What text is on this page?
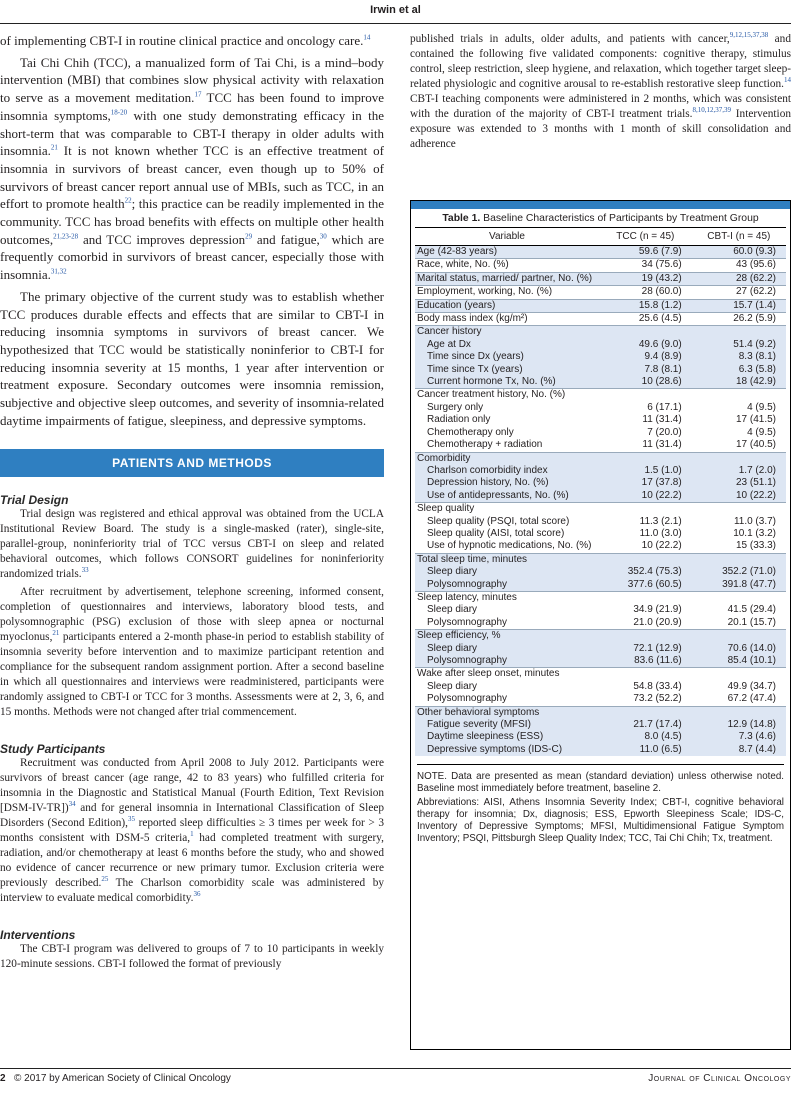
Irwin et al

of implementing CBT-I in routine clinical practice and oncology care.$^{14}$

Tai Chi Chih (TCC), a manualized form of Tai Chi, is a mind–body intervention (MBI) that combines slow physical activity with relaxation to serve as a movement meditation.$^{17}$ TCC has been found to improve insomnia symptoms,$^{18-20}$ with one study demonstrating efficacy in the short-term that was comparable to CBT-I therapy in older adults with insomnia.$^{21}$ It is not known whether TCC is an effective treatment of insomnia in survivors of breast cancer, even though up to 50% of survivors of breast cancer report annual use of MBIs, such as TCC, in an effort to promote health$^{22}$; this practice can be readily implemented in the community. TCC has broad benefits with effects on multiple other health outcomes,$^{21,23-28}$ and TCC improves depression$^{29}$ and fatigue,$^{30}$ which are frequently comorbid in survivors of breast cancer, especially those with insomnia.$^{31,32}$

The primary objective of the current study was to establish whether TCC produces durable effects and effects that are similar to CBT-I in reducing insomnia symptoms in survivors of breast cancer. We hypothesized that TCC would be statistically noninferior to CBT-I for reducing insomnia severity at 15 months, 1 year after intervention or treatment exposure. Secondary outcomes were insomnia remission, subjective and objective sleep outcomes, and severity of insomnia-related daytime impairments of fatigue, sleepiness, and depressive symptoms.

PATIENTS AND METHODS
Trial Design

Trial design was registered and ethical approval was obtained from the UCLA Institutional Review Board. The study is a single-masked (rater), single-site, parallel-group, noninferiority trial of TCC versus CBT-I on sleep and related behavioral outcomes, which follows CONSORT guidelines for noninferiority randomized trials.$^{33}$

After recruitment by advertisement, telephone screening, informed consent, completion of questionnaires and interviews, laboratory blood tests, and polysomnographic (PSG) exclusion of those with sleep apnea or nocturnal myoclonus,$^{21}$ participants entered a 2-month phase-in period to establish stability of insomnia severity before intervention and to maximize participant retention and compliance for the subsequent random assignment portion. After a second baseline in which all questionnaires and interviews were readministered, participants were randomly assigned to CBT-I or TCC for 3 months. Assessments were at 2, 3, 6, and 15 months. Methods were not changed after trial commencement.

Study Participants

Recruitment was conducted from April 2008 to July 2012. Participants were survivors of breast cancer (age range, 42 to 83 years) who fulfilled criteria for insomnia in the Diagnostic and Statistical Manual (Fourth Edition, Text Revision [DSM-IV-TR])$^{34}$ and for general insomnia in International Classification of Sleep Disorders (Second Edition),$^{35}$ reported sleep difficulties ≥ 3 times per week for > 3 months consistent with DSM-5 criteria,$^1$ had completed treatment with surgery, radiation, and/or chemotherapy at least 6 months before the study, who and showed no evidence of cancer recurrence or new primary tumor. Exclusion criteria were previously described.$^{25}$ The Charlson comorbidity scale was administered by interview to evaluate medical comorbidity.$^{36}$

Interventions

The CBT-I program was delivered to groups of 7 to 10 participants in weekly 120-minute sessions. CBT-I followed the format of previously

published trials in adults, older adults, and patients with cancer,$^{9,12,15,37,38}$ and contained the following five validated components: cognitive therapy, stimulus control, sleep restriction, sleep hygiene, and relaxation, which together target sleep-related physiologic and cognitive arousal to re-establish restorative sleep function.$^{14}$ CBT-I teaching components were administered in 2 months, which was consistent with the duration of the majority of CBT-I treatment trials.$^{8,10,12,37,39}$ Intervention exposure was extended to 3 months with 1 month of skill consolidation and adherence

Table 1. Baseline Characteristics of Participants by Treatment Group
Variable	TCC (n = 45)	CBT-I (n = 45)
Age (42-83 years)	59.6 (7.9)	60.0 (9.3)
Race, white, No. (%)	34 (75.6)	43 (95.6)
Marital status, married/ partner, No. (%)	19 (43.2)	28 (62.2)
Employment, working, No. (%)	28 (60.0)	27 (62.2)
Education (years)	15.8 (1.2)	15.7 (1.4)
Body mass index (kg/m²)	25.6 (4.5)	26.2 (5.9)
Cancer history		
Age at Dx	49.6 (9.0)	51.4 (9.2)
Time since Dx (years)	9.4 (8.9)	8.3 (8.1)
Time since Tx (years)	7.8 (8.1)	6.3 (5.8)
Current hormone Tx, No. (%)	10 (28.6)	18 (42.9)
Cancer treatment history, No. (%)		
Surgery only	6 (17.1)	4 (9.5)
Radiation only	11 (31.4)	17 (41.5)
Chemotherapy only	7 (20.0)	4 (9.5)
Chemotherapy + radiation	11 (31.4)	17 (40.5)
Comorbidity		
Charlson comorbidity index	1.5 (1.0)	1.7 (2.0)
Depression history, No. (%)	17 (37.8)	23 (51.1)
Use of antidepressants, No. (%)	10 (22.2)	10 (22.2)
Sleep quality		
Sleep quality (PSQI, total score)	11.3 (2.1)	11.0 (3.7)
Sleep quality (AISI, total score)	11.0 (3.0)	10.1 (3.2)
Use of hypnotic medications, No. (%)	10 (22.2)	15 (33.3)
Total sleep time, minutes		
Sleep diary	352.4 (75.3)	352.2 (71.0)
Polysomnography	377.6 (60.5)	391.8 (47.7)
Sleep latency, minutes		
Sleep diary	34.9 (21.9)	41.5 (29.4)
Polysomnography	21.0 (20.9)	20.1 (15.7)
Sleep efficiency, %		
Sleep diary	72.1 (12.9)	70.6 (14.0)
Polysomnography	83.6 (11.6)	85.4 (10.1)
Wake after sleep onset, minutes		
Sleep diary	54.8 (33.4)	49.9 (34.7)
Polysomnography	73.2 (52.2)	67.2 (47.4)
Other behavioral symptoms		
Fatigue severity (MFSI)	21.7 (17.4)	12.9 (14.8)
Daytime sleepiness (ESS)	8.0 (4.5)	7.3 (4.6)
Depressive symptoms (IDS-C)	11.0 (6.5)	8.7 (4.4)

NOTE. Data are presented as mean (standard deviation) unless otherwise noted. Baseline most immediately before treatment, baseline 2.

Abbreviations: AISI, Athens Insomnia Severity Index; CBT-I, cognitive behavioral therapy for insomnia; Dx, diagnosis; ESS, Epworth Sleepiness Scale; IDS-C, Inventory of Depressive Symptoms; MFSI, Multidimensional Fatigue Symptom Inventory; PSQI, Pittsburgh Sleep Quality Index; TCC, Tai Chi Chih; Tx, treatment.

2 © 2017 by American Society of Clinical Oncology	Journal of Clinical Oncology
